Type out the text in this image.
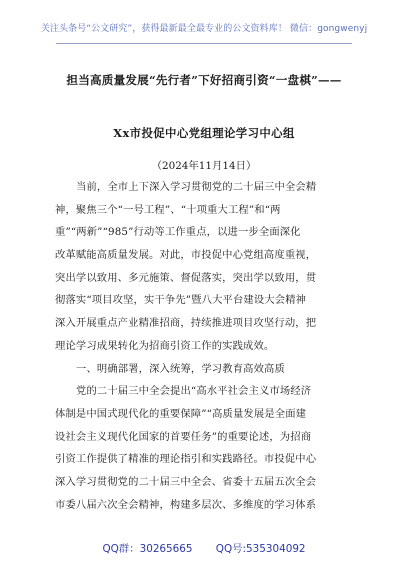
关注头条号“公文研究”，获得最新最全最专业的公文资料库！ 微信：gongwenyj
担当高质量发展“先行者”下好招商引资“一盘棋”——
Xx市投促中心党组理论学习中心组
（2024年11月14日）
当前，全市上下深入学习贯彻党的二十届三中全会精
神，聚焦三个“一号工程”、“十项重大工程”和“两
重”“两新”“985”行动等工作重点，以进一步全面深化
改革赋能高质量发展。对此，市投促中心党组高度重视，
突出学以致用、多元施策、督促落实，突出学以致用，贯
彻落实“项目攻坚，实干争先”暨八大平台建设大会精神
深入开展重点产业精准招商，持续推进项目攻坚行动，把
理论学习成果转化为招商引资工作的实践成效。
一、明确部署，深入统筹，学习教育高效高质
党的二十届三中全会提出“高水平社会主义市场经济
体制是中国式现代化的重要保障”“高质量发展是全面建
设社会主义现代化国家的首要任务”的重要论述，为招商
引资工作提供了精准的理论指引和实践路径。市投促中心
深入学习贯彻党的二十届三中全会、省委十五届五次全会
市委八届六次全会精神，构建多层次、多维度的学习体系
QQ群：30265665 QQ号:535304092
